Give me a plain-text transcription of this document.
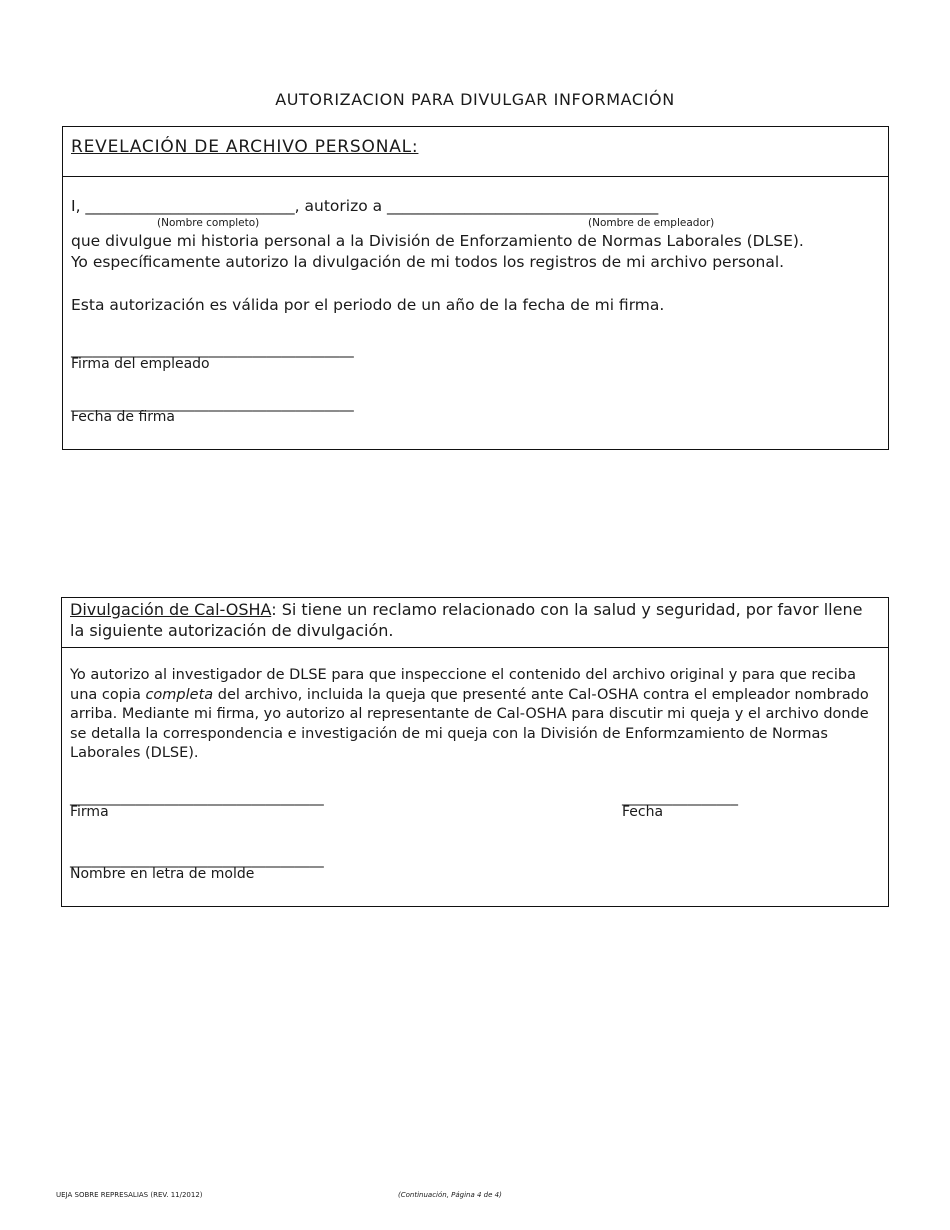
AUTORIZACION PARA DIVULGAR INFORMACIÓN
REVELACIÓN DE ARCHIVO PERSONAL:
I, ___________________________, autorizo a ___________________________________
(Nombre completo)	(Nombre de empleador)
que divulgue mi historia personal a la División de Enforzamiento de Normas Laborales (DLSE).
Yo específicamente autorizo la divulgación de mi todos los registros de mi archivo personal.
Esta autorización es válida por el periodo de un año de la fecha de mi firma.
_______________________________________
Firma del empleado
_______________________________________
Fecha de firma
Divulgación de Cal-OSHA: Si tiene un reclamo relacionado con la salud y seguridad, por favor llene la siguiente autorización de divulgación.
Yo autorizo al investigador de DLSE para que inspeccione el contenido del archivo original y para que reciba una copia completa del archivo, incluida la queja que presenté ante Cal-OSHA contra el empleador nombrado arriba. Mediante mi firma, yo autorizo al representante de Cal-OSHA para discutir mi queja y el archivo donde se detalla la correspondencia e investigación de mi queja con la División de Enformzamiento de Normas Laborales (DLSE).
___________________________________
Firma
________________
Fecha
___________________________________
Nombre en letra de molde
UEJA SOBRE REPRESALIAS (REV. 11/2012)	(Continuación, Página 4 de 4)
